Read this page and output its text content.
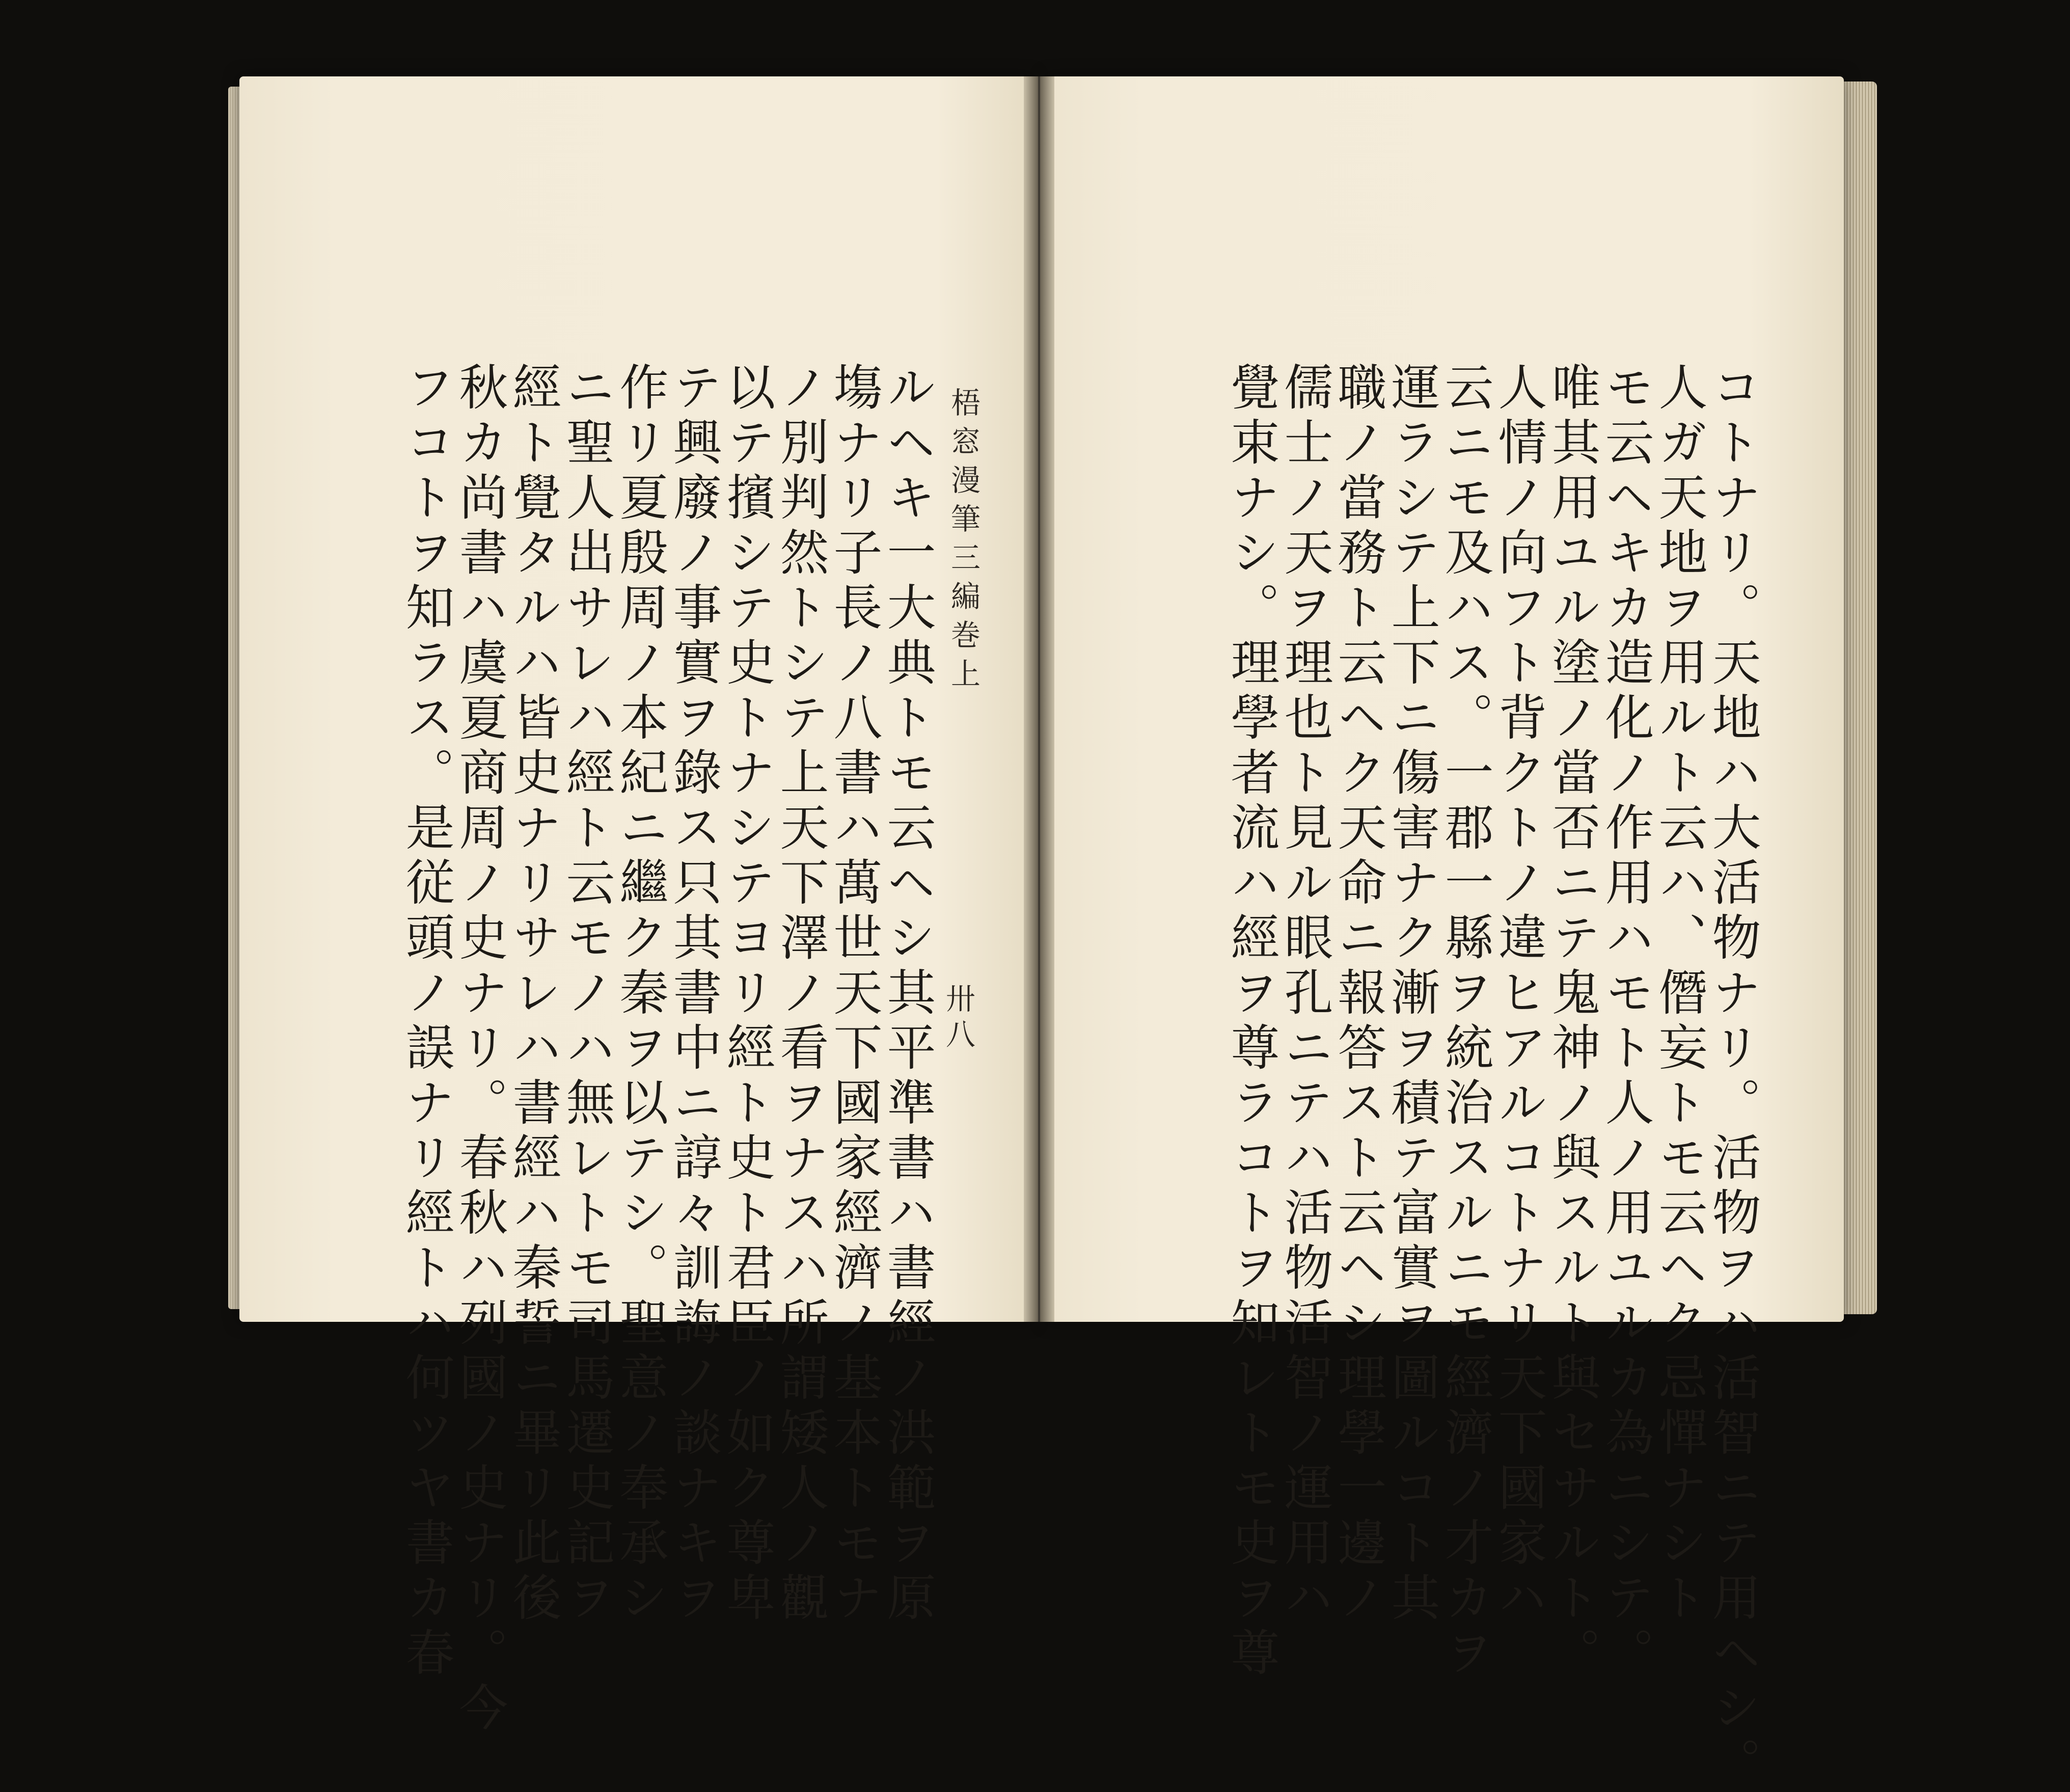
フコトヲ知ラス。是従頭ノ誤ナリ經トハ何ツヤ書カ春
秋カ尚書ハ虞夏商周ノ史ナリ。春秋ハ列國ノ史ナリ。今
經ト覺タルハ皆史ナリサレハ書經ハ秦誓ニ畢リ此後
ニ聖人出サレハ經ト云モノハ無レトモ司馬遷史記ヲ
作リ夏殷周ノ本紀ニ繼ク秦ヲ以テシ。聖意ノ奉承シ
テ興廢ノ事實ヲ錄ス只其書中ニ諄々訓誨ノ談ナキヲ
以テ擯シテ史トナシテヨリ經ト史ト君臣ノ如ク尊卑
ノ別判然トシテ上天下澤ノ看ヲナスハ所謂矮人ノ觀
塲ナリ子長ノ八書ハ萬世天下國家經濟ノ基本トモナ
ルヘキ一大典トモ云ヘシ其平準書ハ書經ノ洪範ヲ原 梧窓漫筆三編巻上
卅八	コトナリ。天地ハ大活物ナリ。活物ヲハ活智ニテ用ヘシ。
人ガ天地ヲ用ルト云ハ、僭妄トモ云ヘク忌憚ナシト
モ云ヘキカ造化ノ作用ハモト人ノ用ユルカ為ニシテ。
唯其用ユル塗ノ當否ニテ鬼神ノ與スルト與セサルト。
人情ノ向フト背クトノ違ヒアルコトナリ天下國家ハ
云ニモ及ハス。一郡一縣ヲ統治スルニモ經濟ノ才カヲ
運ラシテ上下ニ傷害ナク漸ヲ積テ富實ヲ圖ルコト其
職ノ當務ト云ヘク天命ニ報答スト云ヘシ理學一邊ノ
儒士ノ天ヲ理也ト見ル眼孔ニテハ活物活智ノ運用ハ
覺束ナシ。理學者流ハ經ヲ尊ラコトヲ知レトモ史ヲ尊
